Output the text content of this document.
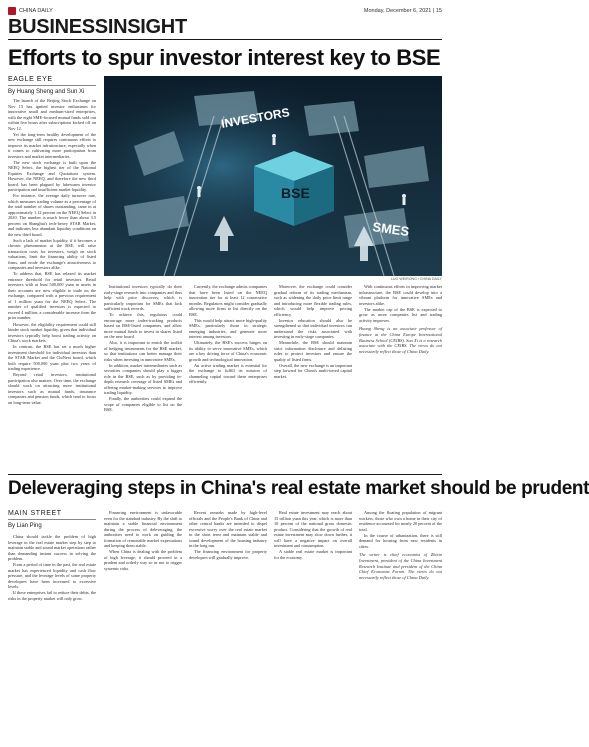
CHINA DAILY	Monday, December 6, 2021 | 15
BUSINESSINSIGHT
Efforts to spur investor interest key to BSE
EAGLE EYE
By Huang Sheng and Sun Xi

The launch of the Beijing Stock Exchange on Nov 15 has ignited investor enthusiasm for innovative small and medium-sized enterprises, with the eight SME-focused mutual funds sold out within five hours after subscriptions kicked off on Nov 12.

Yet the long-term healthy development of the new exchange still requires continuous efforts to improve its market infrastructure, especially when it comes to cultivating more participation from investors and market intermediaries.

The new stock exchange is built upon the NEEQ Select, the highest tier of the National Equities Exchange and Quotations system. However, the NEEQ, and therefore the new third board, has been plagued by lukewarm investor participation and insufficient market liquidity.

For instance, the average daily turnover rate, which measures trading volume as a percentage of the total number of shares outstanding, came in at approximately 1.12 percent on the NEEQ Select in 2020. The number is much lower than about 3.5 percent on Shanghai's tech-heavy STAR Market, and indicates less abundant liquidity conditions on the new third board.

Such a lack of market liquidity, if it becomes a chronic phenomenon at the BSE, will raise transaction costs for investors, weigh on stock valuations, limit the financing ability of listed firms, and erode the exchange's attractiveness to companies and investors alike.

To address that, BSE has relaxed its market entrance threshold for retail investors. Retail investors with at least 500,000 yuan in assets in their accounts are now eligible to trade on the exchange, compared with a previous requirement of 1 million yuan for the NEEQ Select. The number of qualified investors is expected to exceed 4 million, a considerable increase from the prior number.

However, the eligibility requirement could still hinder stock market liquidity, given that individual investors typically help boost trading activity on China's stock markets.

In contrast, the BSE has set a much higher investment threshold for individual investors than the STAR Market and the ChiNext board, which both require 500,000 yuan plus two years of trading experience.

Beyond retail investors, institutional participation also matters. Over time, the exchange should work on attracting more institutional investors such as mutual funds, insurance companies and pension funds, which tend to focus on long-term value.

INVESTORS
BSE
SMES
LUO WEIRONG / CHINA DAILY

Institutional investors typically do their early-stage research into companies and thus help with price discovery, which is particularly important for SMEs that lack sufficient track records.

To achieve this, regulators could encourage more index-tracking products based on BSE-listed companies, and allow more mutual funds to invest in shares listed on the new board.

Also, it is important to enrich the toolkit of hedging instruments for the BSE market, so that institutions can better manage their risks when investing in innovative SMEs.

In addition, market intermediaries such as securities companies should play a bigger role in the BSE, such as by providing in-depth research coverage of listed SMEs and offering market-making services to improve trading liquidity.

Finally, the authorities could expand the scope of companies eligible to list on the BSE.

Currently, the exchange admits companies that have been listed on the NEEQ innovation tier for at least 12 consecutive months. Regulators might consider gradually allowing more firms to list directly on the BSE.

This would help attract more high-quality SMEs, particularly those in strategic emerging industries, and generate more interest among investors.

Ultimately, the BSE's success hinges on its ability to serve innovative SMEs, which are a key driving force of China's economic growth and technological innovation.

An active trading market is essential for the exchange to fulfill its mission of channeling capital toward these enterprises efficiently.

Moreover, the exchange could consider gradual reform of its trading mechanism, such as widening the daily price limit range and introducing more flexible trading rules, which would help improve pricing efficiency.

Investor education should also be strengthened so that individual investors can understand the risks associated with investing in early-stage companies.

Meanwhile, the BSE should maintain strict information disclosure and delisting rules to protect investors and ensure the quality of listed firms.

Overall, the new exchange is an important step forward for China's multi-tiered capital market.

With continuous efforts in improving market infrastructure, the BSE could develop into a vibrant platform for innovative SMEs and investors alike.

The market cap of the BSE is expected to grow as more companies list and trading activity improves.

Huang Sheng is an associate professor of finance at the China Europe International Business School (CEIBS). Sun Xi is a research associate with the CEIBS. The views do not necessarily reflect those of China Daily.
Deleveraging steps in China's real estate market should be prudent
MAIN STREET
By Lian Ping

China should tackle the problem of high leverage in the real estate market step by step to maintain stable and sound market operations rather than demanding instant success in solving the problem.

From a period of time in the past, the real estate market has experienced liquidity and cash flow pressure, and the leverage levels of some property developers have been increased to excessive levels.

If these enterprises fail to reduce their debts, the risks in the property market will only grow.

Financing environment is unfavorable even for the standard industry. By the shift to maintain a stable financial environment during the process of deleveraging, the authorities need to work on guiding the formation of reasonable market expectations and keeping them stable.

When China is dealing with the problem of high leverage, it should proceed in a prudent and orderly way so as not to trigger systemic risks.

Recent remarks made by high-level officials and the People's Bank of China and other central banks are intended to dispel excessive worry over the real estate market in the short term and maintain stable and sound development of the housing industry in the long run.

The financing environment for property developers will gradually improve.

Real estate investment may reach about 15 trillion yuan this year, which is more than 10 percent of the national gross domestic product. Considering that the growth of real estate investment may slow down further, it will have a negative impact on overall investment and consumption.

A stable real estate market is important for the economy.

Among the floating population of migrant workers, those who own a home in their city of residence accounted for nearly 20 percent of the total.

In the course of urbanization, there is still demand for housing from new residents in cities.

The writer is chief economist of Zhixin Investment, president of the China Investment Research Institute and president of the China Chief Economist Forum. The views do not necessarily reflect those of China Daily.
